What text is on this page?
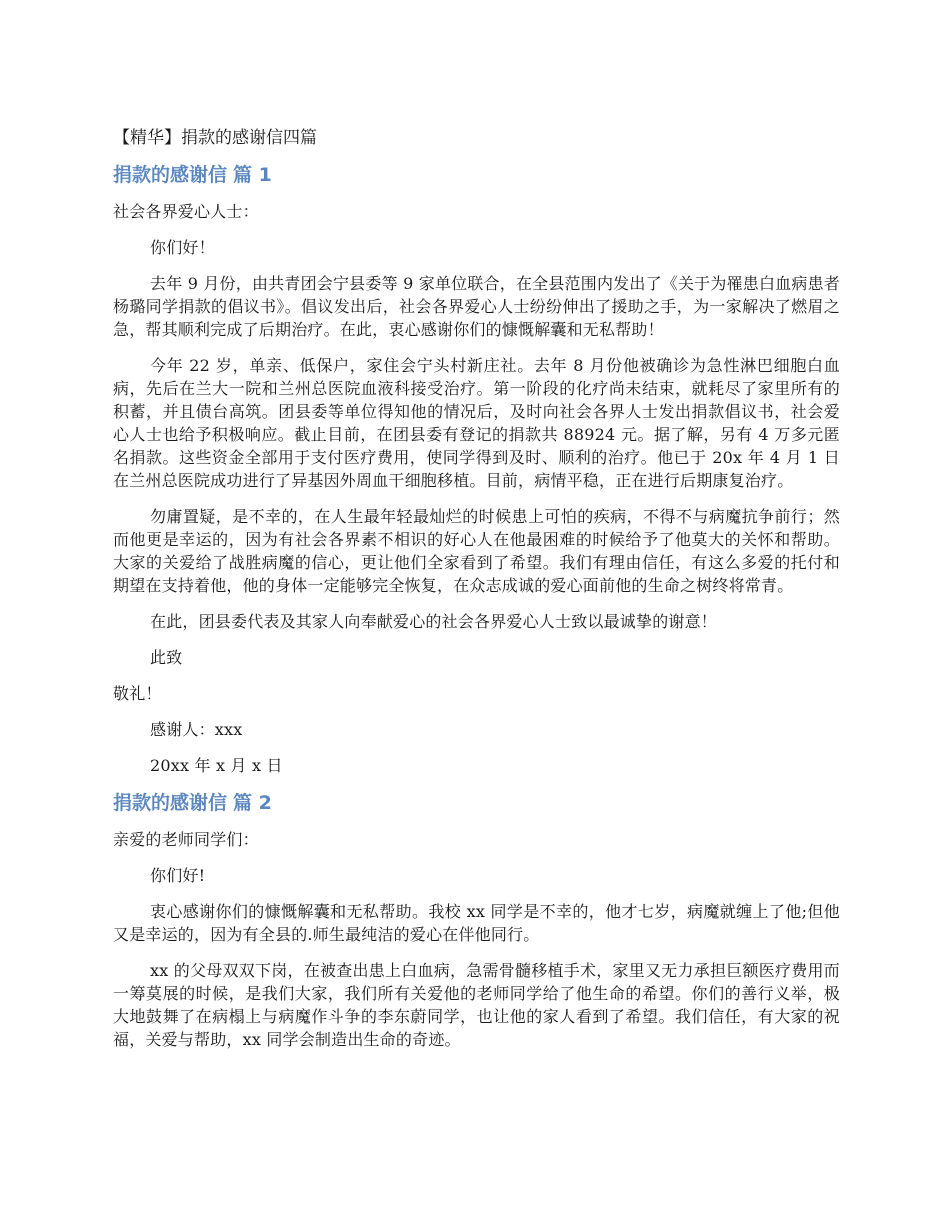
【精华】捐款的感谢信四篇
捐款的感谢信 篇 1

社会各界爱心人士：

你们好！

去年 9 月份，由共青团会宁县委等 9 家单位联合，在全县范围内发出了《关于为罹患白血病患者杨璐同学捐款的倡议书》。倡议发出后，社会各界爱心人士纷纷伸出了援助之手，为一家解决了燃眉之急，帮其顺利完成了后期治疗。在此，衷心感谢你们的慷慨解囊和无私帮助！

今年 22 岁，单亲、低保户，家住会宁头村新庄社。去年 8 月份他被确诊为急性淋巴细胞白血病，先后在兰大一院和兰州总医院血液科接受治疗。第一阶段的化疗尚未结束，就耗尽了家里所有的积蓄，并且债台高筑。团县委等单位得知他的情况后，及时向社会各界人士发出捐款倡议书，社会爱心人士也给予积极响应。截止目前，在团县委有登记的捐款共 88924 元。据了解，另有 4 万多元匿名捐款。这些资金全部用于支付医疗费用，使同学得到及时、顺利的治疗。他已于 20x 年 4 月 1 日在兰州总医院成功进行了异基因外周血干细胞移植。目前，病情平稳，正在进行后期康复治疗。

勿庸置疑，是不幸的，在人生最年轻最灿烂的时候患上可怕的疾病，不得不与病魔抗争前行；然而他更是幸运的，因为有社会各界素不相识的好心人在他最困难的时候给予了他莫大的关怀和帮助。大家的关爱给了战胜病魔的信心，更让他们全家看到了希望。我们有理由信任，有这么多爱的托付和期望在支持着他，他的身体一定能够完全恢复，在众志成诚的爱心面前他的生命之树终将常青。

在此，团县委代表及其家人向奉献爱心的社会各界爱心人士致以最诚挚的谢意！

此致

敬礼！

感谢人：xxx

20xx 年 x 月 x 日

捐款的感谢信 篇 2

亲爱的老师同学们：

你们好!

衷心感谢你们的慷慨解囊和无私帮助。我校 xx 同学是不幸的，他才七岁，病魔就缠上了他;但他又是幸运的，因为有全县的.师生最纯洁的爱心在伴他同行。

xx 的父母双双下岗，在被查出患上白血病，急需骨髓移植手术，家里又无力承担巨额医疗费用而一筹莫展的时候，是我们大家，我们所有关爱他的老师同学给了他生命的希望。你们的善行义举，极大地鼓舞了在病榻上与病魔作斗争的李东蔚同学，也让他的家人看到了希望。我们信任，有大家的祝福，关爱与帮助，xx 同学会制造出生命的奇迹。
